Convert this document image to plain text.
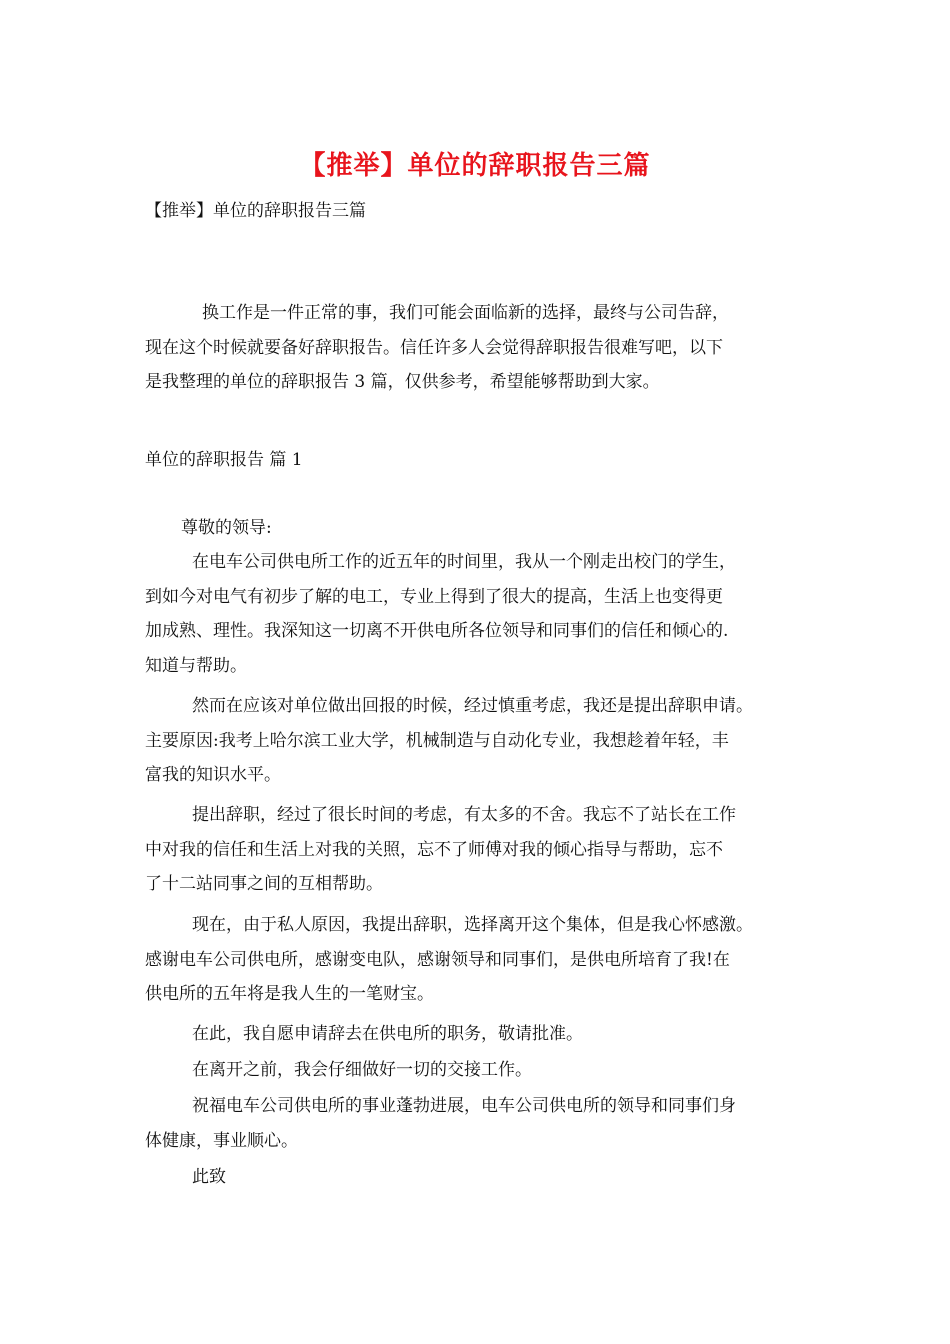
【推举】单位的辞职报告三篇
【推举】单位的辞职报告三篇
换工作是一件正常的事，我们可能会面临新的选择，最终与公司告辞，
现在这个时候就要备好辞职报告。信任许多人会觉得辞职报告很难写吧，以下
是我整理的单位的辞职报告 3 篇，仅供参考，希望能够帮助到大家。
单位的辞职报告 篇 1
尊敬的领导:
在电车公司供电所工作的近五年的时间里，我从一个刚走出校门的学生，
到如今对电气有初步了解的电工，专业上得到了很大的提高，生活上也变得更
加成熟、理性。我深知这一切离不开供电所各位领导和同事们的信任和倾心的.
知道与帮助。
然而在应该对单位做出回报的时候，经过慎重考虑，我还是提出辞职申请。
主要原因:我考上哈尔滨工业大学，机械制造与自动化专业，我想趁着年轻，丰
富我的知识水平。
提出辞职，经过了很长时间的考虑，有太多的不舍。我忘不了站长在工作
中对我的信任和生活上对我的关照，忘不了师傅对我的倾心指导与帮助，忘不
了十二站同事之间的互相帮助。
现在，由于私人原因，我提出辞职，选择离开这个集体，但是我心怀感激。
感谢电车公司供电所，感谢变电队，感谢领导和同事们，是供电所培育了我!在
供电所的五年将是我人生的一笔财宝。
在此，我自愿申请辞去在供电所的职务，敬请批准。
在离开之前，我会仔细做好一切的交接工作。
祝福电车公司供电所的事业蓬勃进展，电车公司供电所的领导和同事们身
体健康，事业顺心。
此致
